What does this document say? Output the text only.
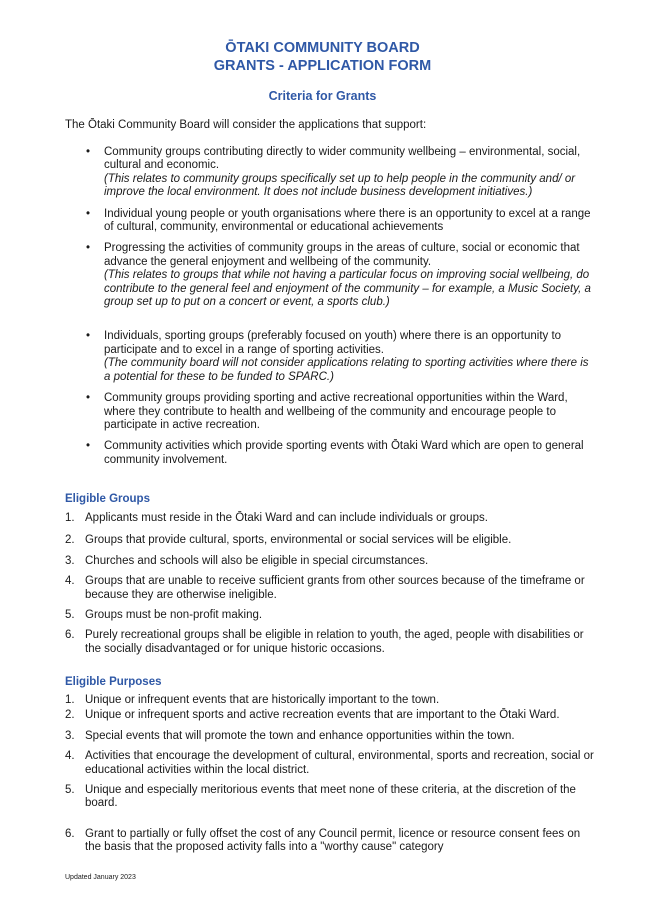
ŌTAKI COMMUNITY BOARD
GRANTS - APPLICATION FORM
Criteria for Grants
The Ōtaki Community Board will consider the applications that support:
• Community groups contributing directly to wider community wellbeing – environmental, social, cultural and economic.
(This relates to community groups specifically set up to help people in the community and/ or improve the local environment. It does not include business development initiatives.)
• Individual young people or youth organisations where there is an opportunity to excel at a range of cultural, community, environmental or educational achievements
• Progressing the activities of community groups in the areas of culture, social or economic that advance the general enjoyment and wellbeing of the community.
(This relates to groups that while not having a particular focus on improving social wellbeing, do contribute to the general feel and enjoyment of the community – for example, a Music Society, a group set up to put on a concert or event, a sports club.)
• Individuals, sporting groups (preferably focused on youth) where there is an opportunity to participate and to excel in a range of sporting activities.
(The community board will not consider applications relating to sporting activities where there is a potential for these to be funded to SPARC.)
• Community groups providing sporting and active recreational opportunities within the Ward, where they contribute to health and wellbeing of the community and encourage people to participate in active recreation.
• Community activities which provide sporting events with Ōtaki Ward which are open to general community involvement.
Eligible Groups
1. Applicants must reside in the Ōtaki Ward and can include individuals or groups.
2. Groups that provide cultural, sports, environmental or social services will be eligible.
3. Churches and schools will also be eligible in special circumstances.
4. Groups that are unable to receive sufficient grants from other sources because of the timeframe or because they are otherwise ineligible.
5. Groups must be non-profit making.
6. Purely recreational groups shall be eligible in relation to youth, the aged, people with disabilities or the socially disadvantaged or for unique historic occasions.
Eligible Purposes
1. Unique or infrequent events that are historically important to the town.
2. Unique or infrequent sports and active recreation events that are important to the Ōtaki Ward.
3. Special events that will promote the town and enhance opportunities within the town.
4. Activities that encourage the development of cultural, environmental, sports and recreation, social or educational activities within the local district.
5. Unique and especially meritorious events that meet none of these criteria, at the discretion of the board.
6. Grant to partially or fully offset the cost of any Council permit, licence or resource consent fees on the basis that the proposed activity falls into a "worthy cause" category
Updated January 2023
